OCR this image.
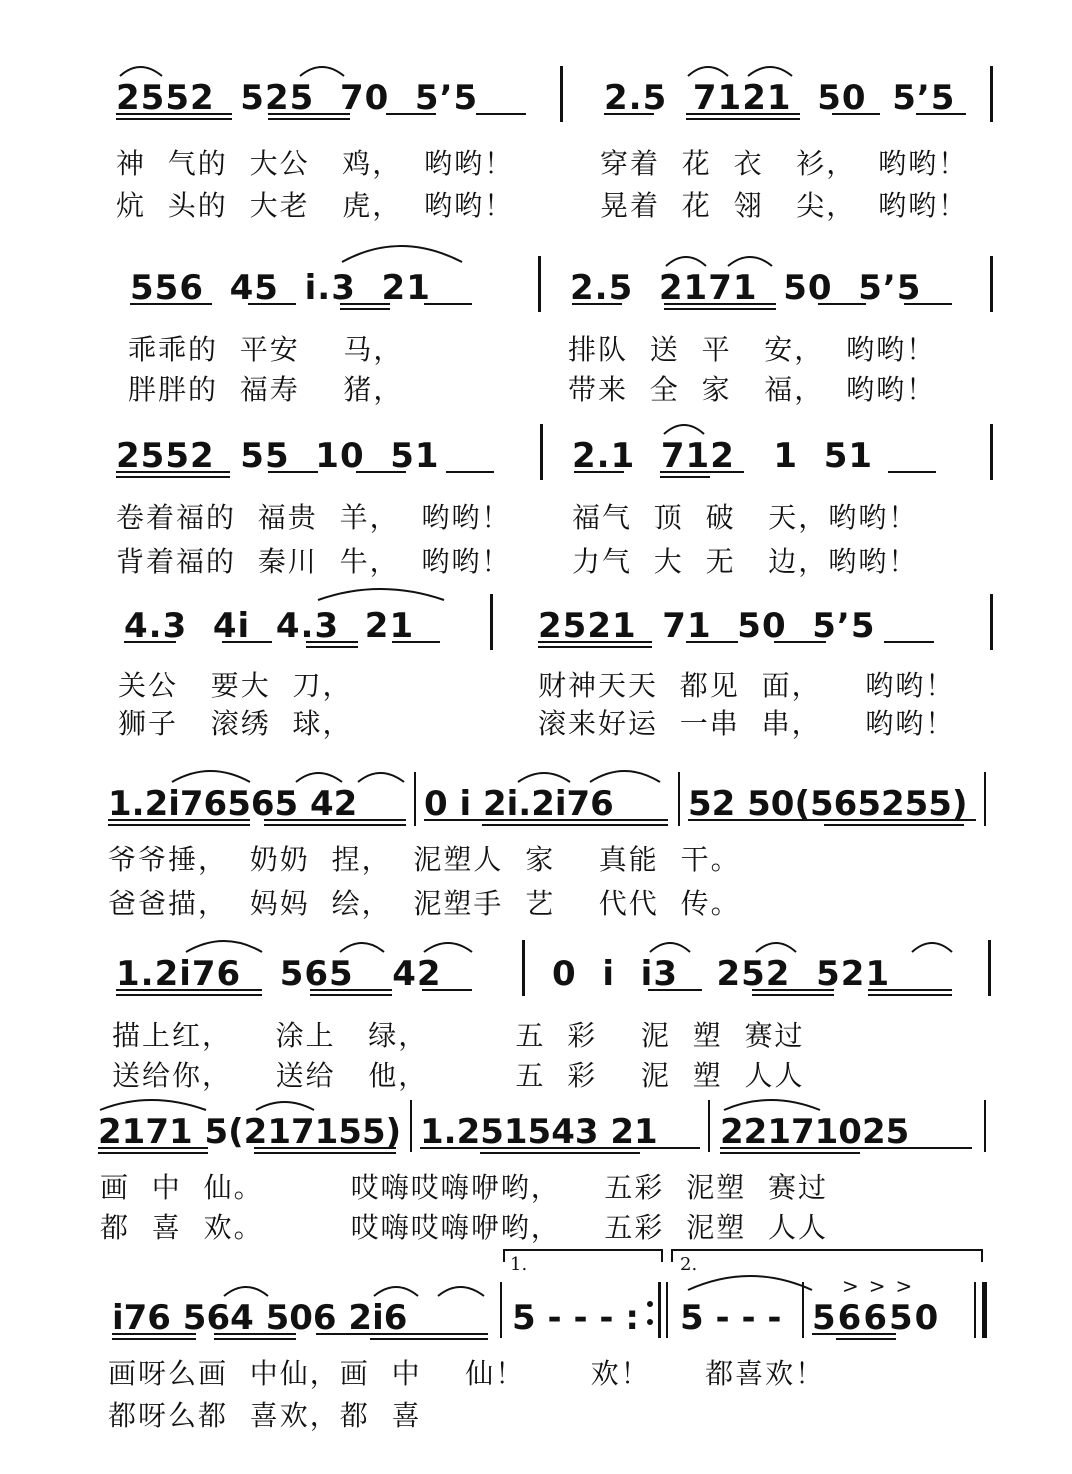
2552  525  70  5ʼ5	2.5  7121  50  5ʼ5
神  气的  大公   鸡，  哟哟！	穿着  花  衣   衫，  哟哟！
炕  头的  大老   虎，  哟哟！	晃着  花  翎   尖，  哟哟！
556  45  i.3  21	2.5  2171  50  5ʼ5
乖乖的  平安    马，	排队  送  平   安，  哟哟！
胖胖的  福寿    猪，	带来  全  家   福，  哟哟！
2552  55  10  51	2.1  712   1  51
卷着福的  福贵  羊，  哟哟！ 福气  顶  破   天，哟哟！
背着福的  秦川  牛，  哟哟！ 力气  大  无   边，哟哟！
4.3  4i  4.3  21	2521  71  50  5ʼ5
关公   要大  刀，	财神天天  都见  面，    哟哟！
狮子   滚绣  球，	滚来好运  一串  串，    哟哟！
1.2i76565 42 0 i 2i.2i76 52 50(565255)
爷爷捶，  奶奶  捏，  泥塑人  家    真能  干。
爸爸描，  妈妈  绘，  泥塑手  艺    代代  传。
1.2i76   565   42	0  i  i3   252  521
描上红，    涂上   绿，        五  彩    泥  塑  赛过
送给你，    送给   他，        五  彩    泥  塑  人人
2171 5(217155) 1.251543 21 22171025
画  中  仙。        哎嗨哎嗨咿哟，    五彩  泥塑  赛过
都  喜  欢。        哎嗨哎嗨咿哟，    五彩  泥塑  人人
i76 564 506 2i6	5 - - - : 5 - - - 56650
1.	2.
>>>
画呀么画  中仙，画  中    仙！      欢！     都喜欢！
都呀么都  喜欢，都  喜
